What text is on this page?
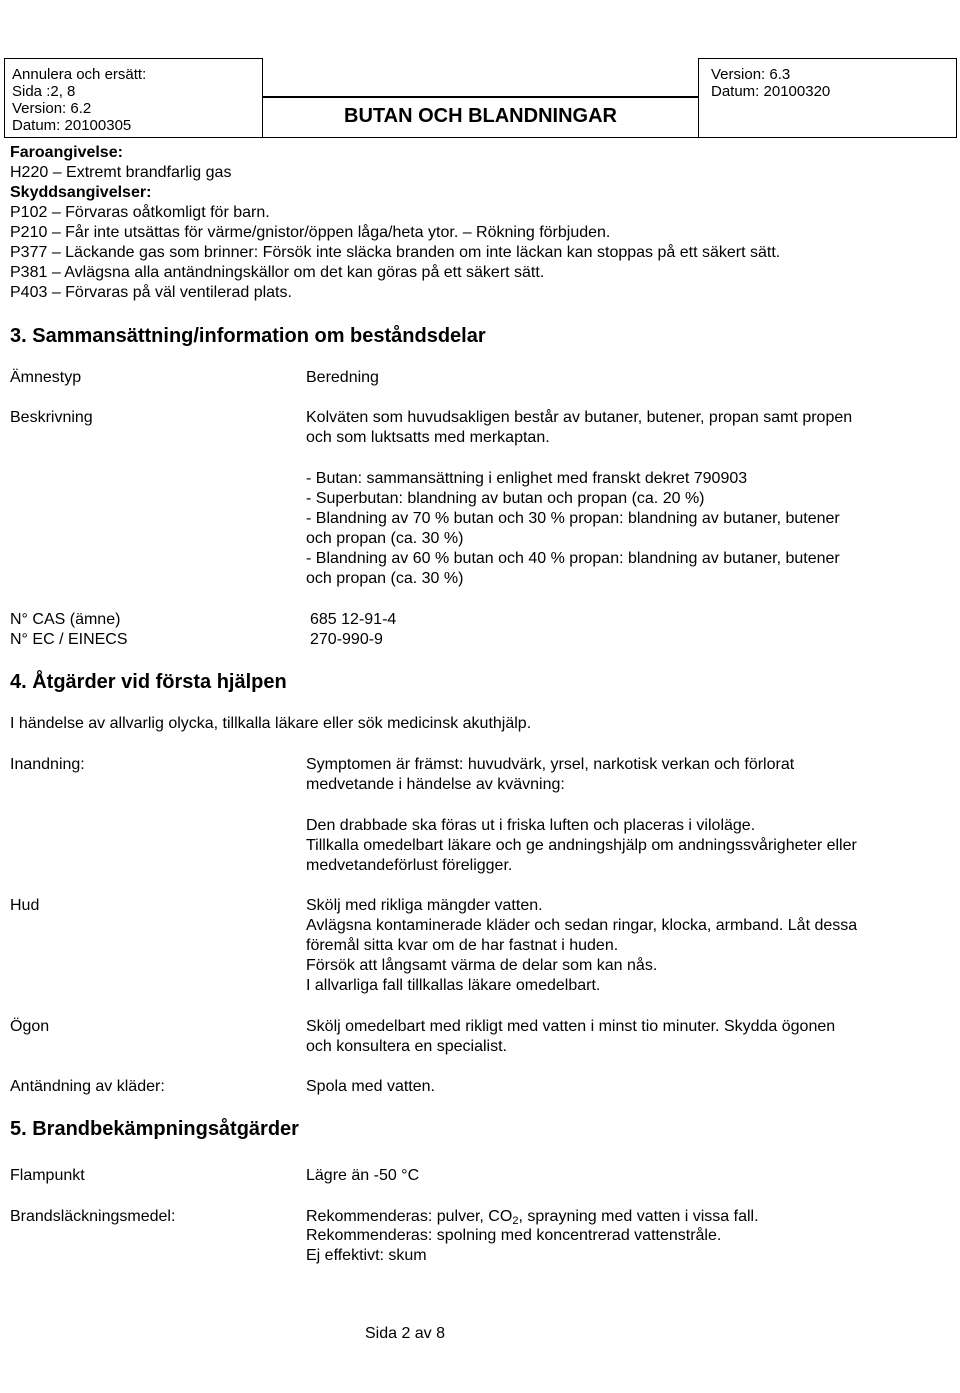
Annulera och ersätt:
Sida :2, 8
Version: 6.2
Datum: 20100305	BUTAN OCH BLANDNINGAR
Version: 6.3
Datum: 20100320
Faroangivelse:
H220 – Extremt brandfarlig gas
Skyddsangivelser:
P102 – Förvaras oåtkomligt för barn.
P210 – Får inte utsättas för värme/gnistor/öppen låga/heta ytor. – Rökning förbjuden.
P377 – Läckande gas som brinner: Försök inte släcka branden om inte läckan kan stoppas på ett säkert sätt.
P381 – Avlägsna alla antändningskällor om det kan göras på ett säkert sätt.
P403 – Förvaras på väl ventilerad plats.
3. Sammansättning/information om beståndsdelar
Ämnestyp	Beredning
Beskrivning	Kolväten som huvudsakligen består av butaner, butener, propan samt propen
och som luktsatts med merkaptan.
- Butan: sammansättning i enlighet med franskt dekret 790903
- Superbutan: blandning av butan och propan (ca. 20 %)
- Blandning av 70 % butan och 30 % propan: blandning av butaner, butener
och propan (ca. 30 %)
- Blandning av 60 % butan och 40 % propan: blandning av butaner, butener
och propan (ca. 30 %)
N° CAS (ämne)	685 12-91-4
N° EC / EINECS	270-990-9
4. Åtgärder vid första hjälpen
I händelse av allvarlig olycka, tillkalla läkare eller sök medicinsk akuthjälp.
Inandning:	Symptomen är främst: huvudvärk, yrsel, narkotisk verkan och förlorat
medvetande i händelse av kvävning:
Den drabbade ska föras ut i friska luften och placeras i viloläge.
Tillkalla omedelbart läkare och ge andningshjälp om andningssvårigheter eller
medvetandeförlust föreligger.
Hud	Skölj med rikliga mängder vatten.
Avlägsna kontaminerade kläder och sedan ringar, klocka, armband. Låt dessa
föremål sitta kvar om de har fastnat i huden.
Försök att långsamt värma de delar som kan nås.
I allvarliga fall tillkallas läkare omedelbart.
Ögon	Skölj omedelbart med rikligt med vatten i minst tio minuter. Skydda ögonen
och konsultera en specialist.
Antändning av kläder:	Spola med vatten.
5. Brandbekämpningsåtgärder
Flampunkt	Lägre än -50 °C
Brandsläckningsmedel:	Rekommenderas: pulver, $CO_2$, sprayning med vatten i vissa fall.
Rekommenderas: spolning med koncentrerad vattenstråle.
Ej effektivt: skum
Sida 2 av 8
